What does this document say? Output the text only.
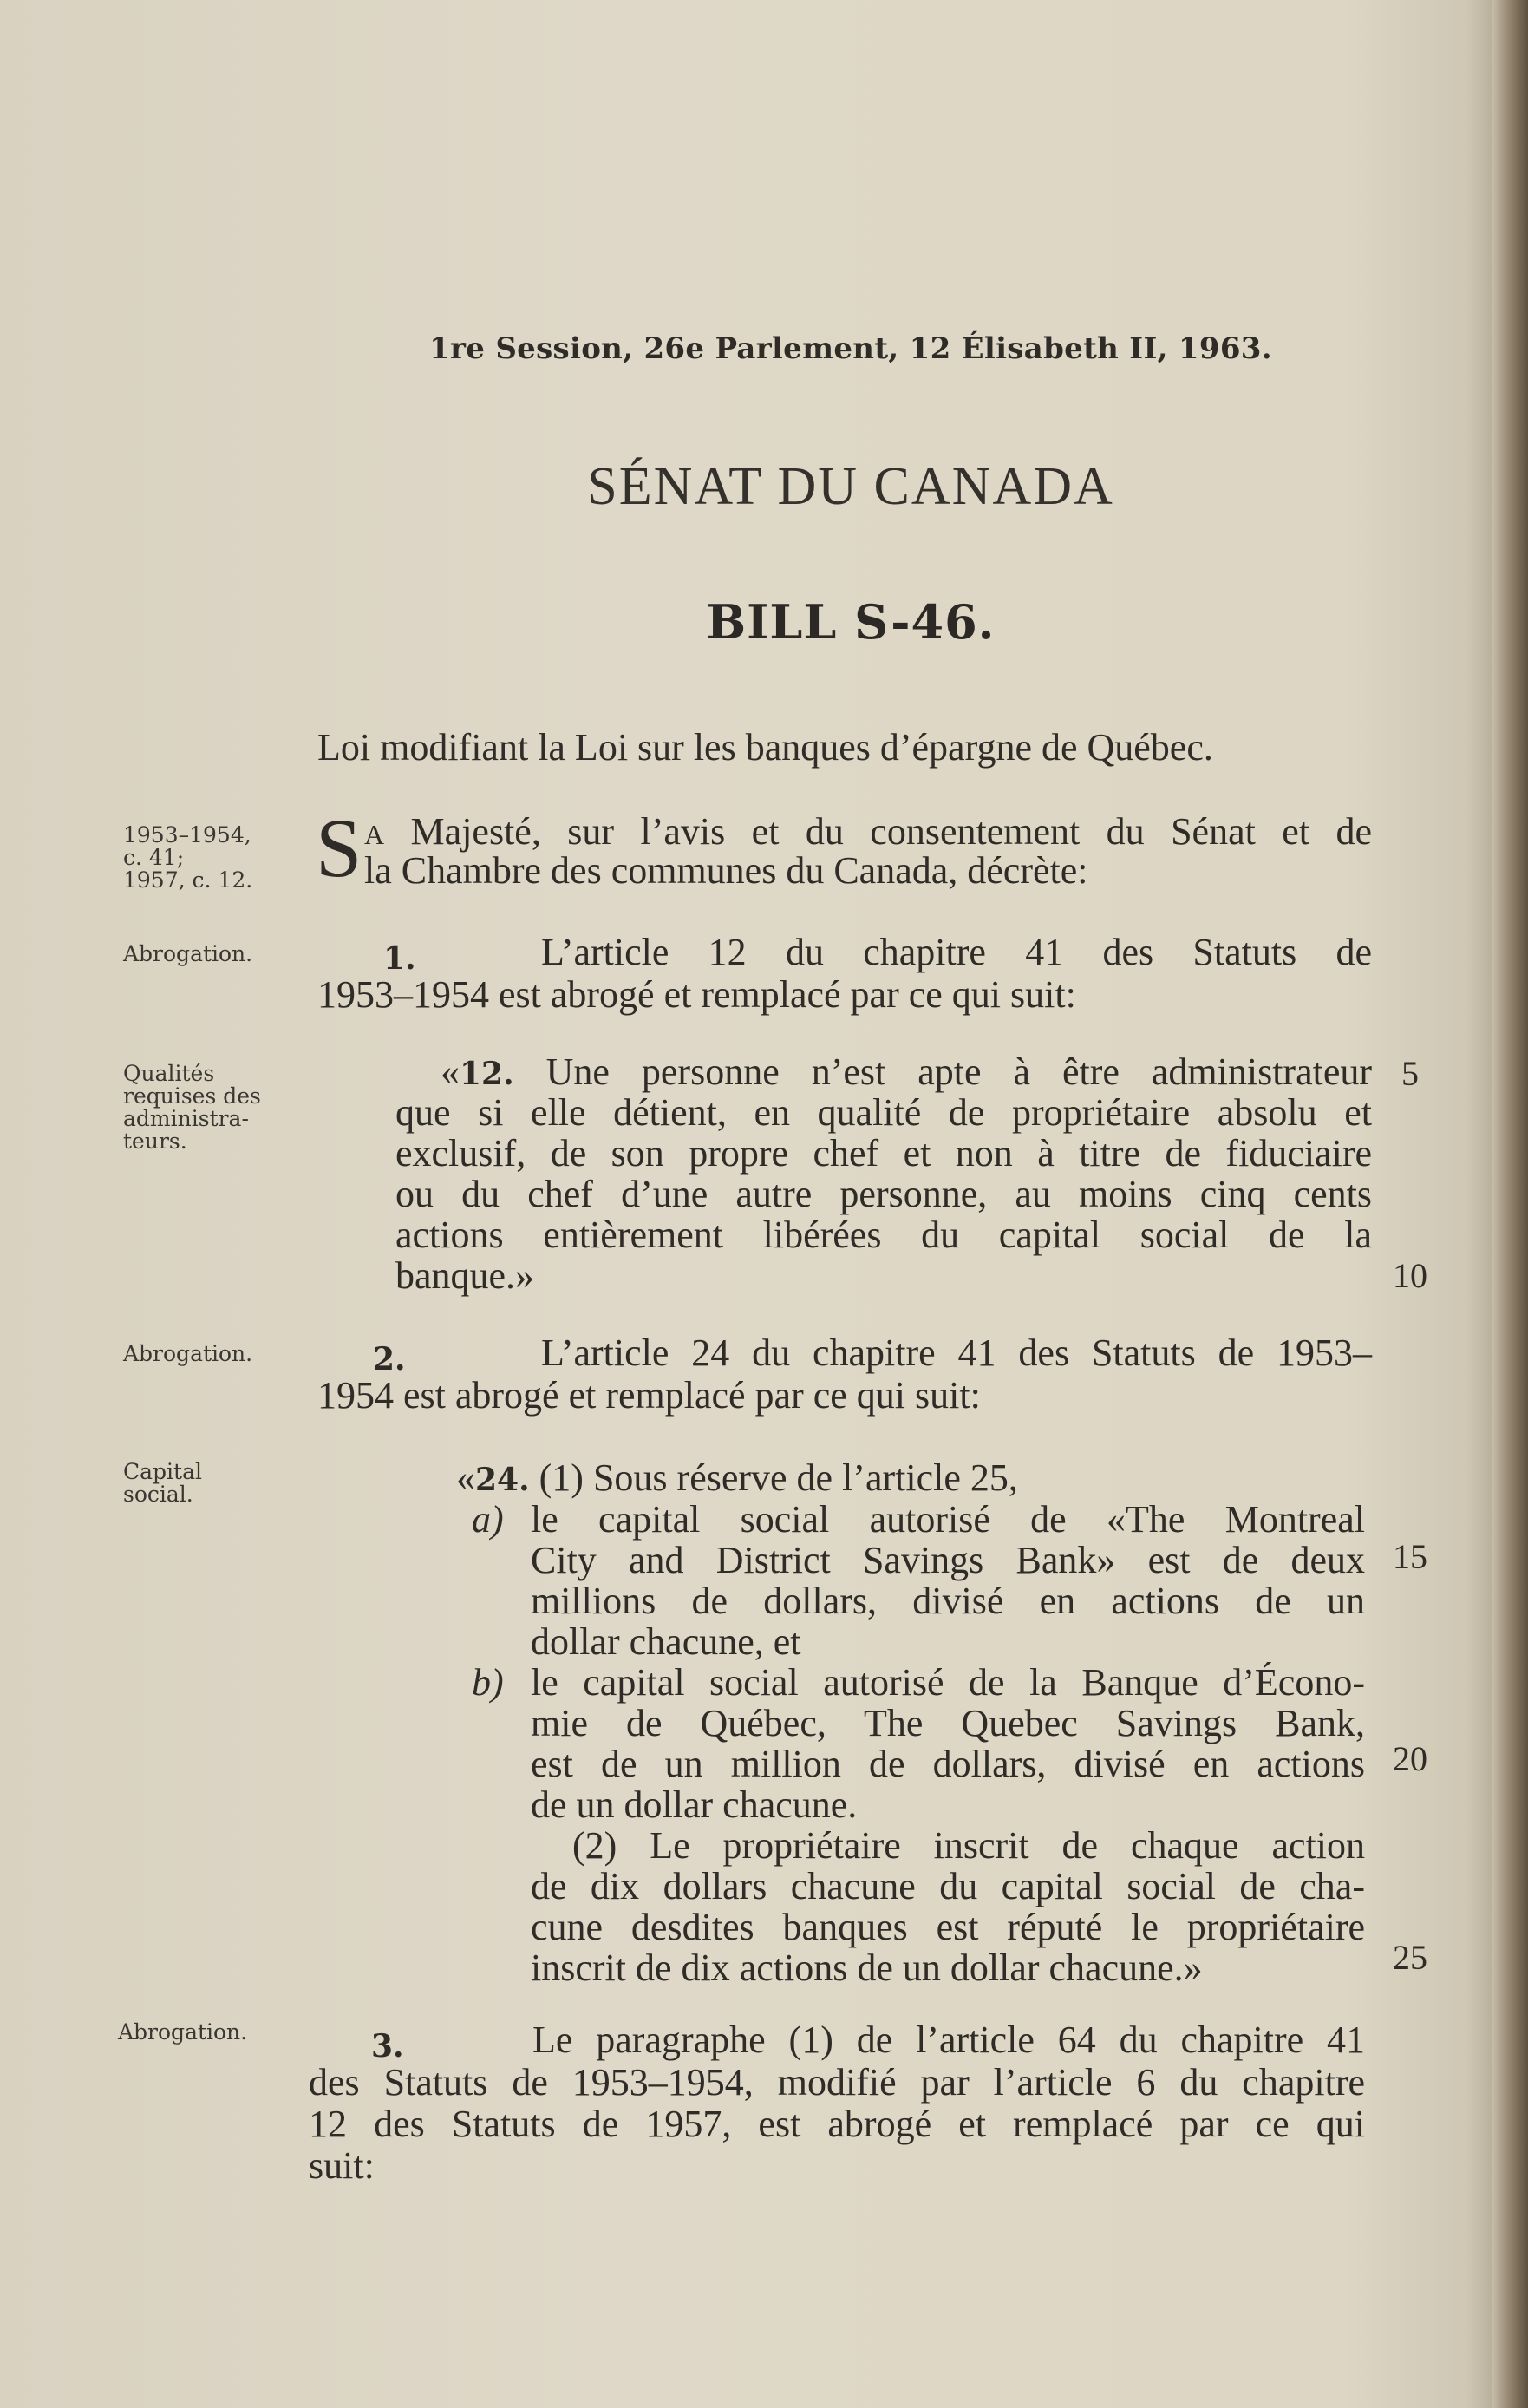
1re Session, 26e Parlement, 12 Élisabeth II, 1963.
SÉNAT DU CANADA
BILL S-46.
Loi modifiant la Loi sur les banques d’épargne de Québec.
1953–1954,
c. 41;
1957, c. 12.
Abrogation.
Qualités
requises des
administra-
teurs.
Abrogation.
Capital
social.
Abrogation.
S A Majesté, sur l’avis et du consentement du Sénat et de
la Chambre des communes du Canada, décrète:
1.	L’article 12 du chapitre 41 des Statuts de
1953–1954 est abrogé et remplacé par ce qui suit:
«12. Une personne n’est apte à être administrateur
que si elle détient, en qualité de propriétaire absolu et
exclusif, de son propre chef et non à titre de fiduciaire
ou du chef d’une autre personne, au moins cinq cents
actions entièrement libérées du capital social de la
banque.»
2.	L’article 24 du chapitre 41 des Statuts de 1953–
1954 est abrogé et remplacé par ce qui suit:
«24. (1) Sous réserve de l’article 25,
a) le capital social autorisé de «The Montreal
City and District Savings Bank» est de deux
millions de dollars, divisé en actions de un
dollar chacune, et
b) le capital social autorisé de la Banque d’Écono-
mie de Québec, The Quebec Savings Bank,
est de un million de dollars, divisé en actions
de un dollar chacune.
(2) Le propriétaire inscrit de chaque action
de dix dollars chacune du capital social de cha-
cune desdites banques est réputé le propriétaire
inscrit de dix actions de un dollar chacune.»
3.	Le paragraphe (1) de l’article 64 du chapitre 41
des Statuts de 1953–1954, modifié par l’article 6 du chapitre
12 des Statuts de 1957, est abrogé et remplacé par ce qui
suit:
5
10
15
20
25
